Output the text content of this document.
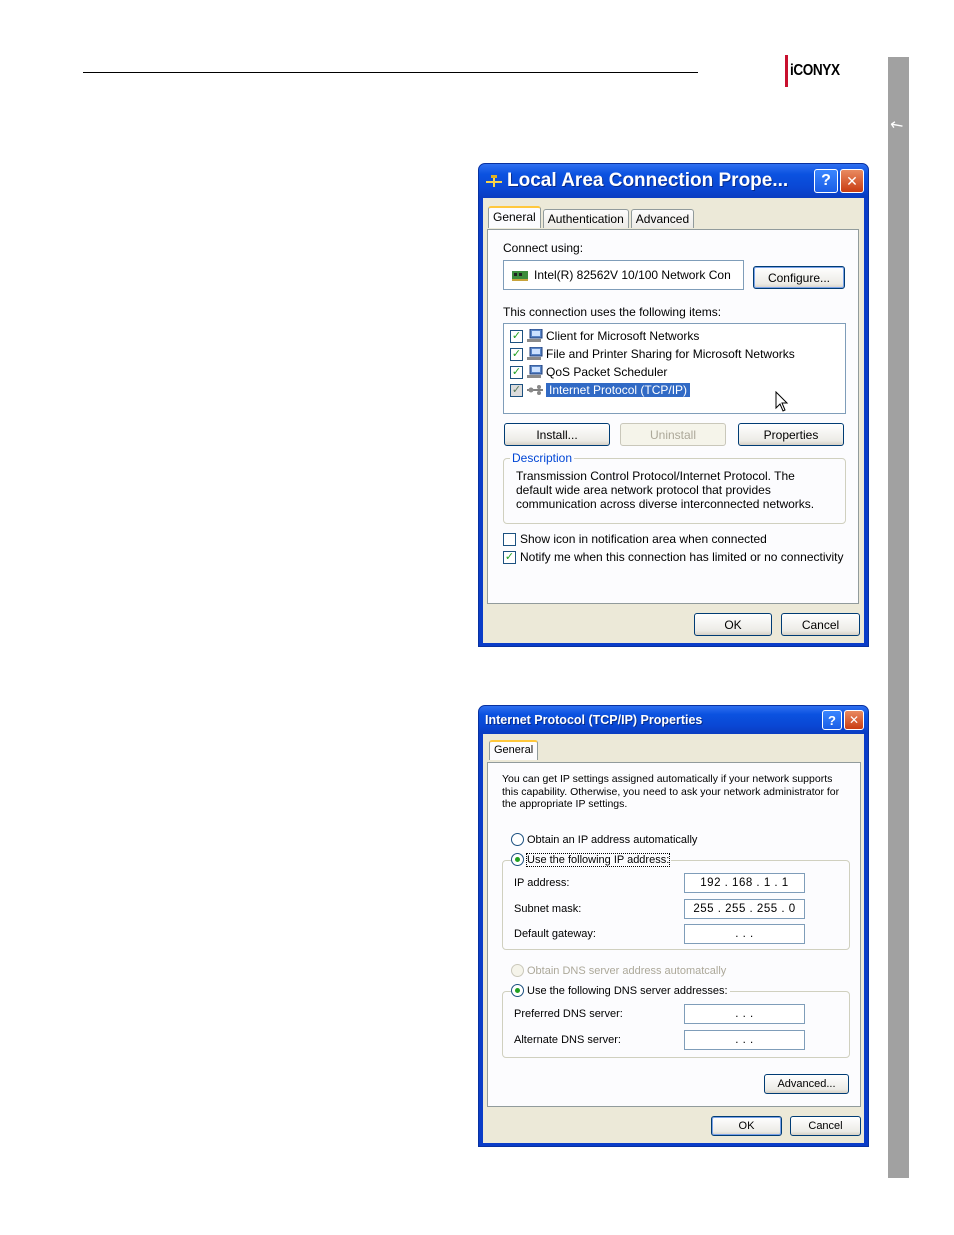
iCONYX
↖
Local Area Connection Prope...	?	✕
General	Authentication	Advanced
Connect using:
Intel(R) 82562V 10/100 Network Con	Configure...
This connection uses the following items:
✓ Client for Microsoft Networks
✓ File and Printer Sharing for Microsoft Networks
✓ QoS Packet Scheduler
✓ Internet Protocol (TCP/IP)
Install...	Uninstall	Properties
Description
Transmission Control Protocol/Internet Protocol. The default wide area network protocol that provides communication across diverse interconnected networks.
Show icon in notification area when connected
✓ Notify me when this connection has limited or no connectivity
OK	Cancel
Internet Protocol (TCP/IP) Properties	?	✕
General
You can get IP settings assigned automatically if your network supports this capability. Otherwise, you need to ask your network administrator for the appropriate IP settings.
Obtain an IP address automatically
Use the following IP address:
IP address:	192 . 168 . 1 . 1
Subnet mask:	255 . 255 . 255 . 0
Default gateway:	. . .
Obtain DNS server address automatcally
Use the following DNS server addresses:
Preferred DNS server:	. . .
Alternate DNS server:	. . .
Advanced...
OK	Cancel
